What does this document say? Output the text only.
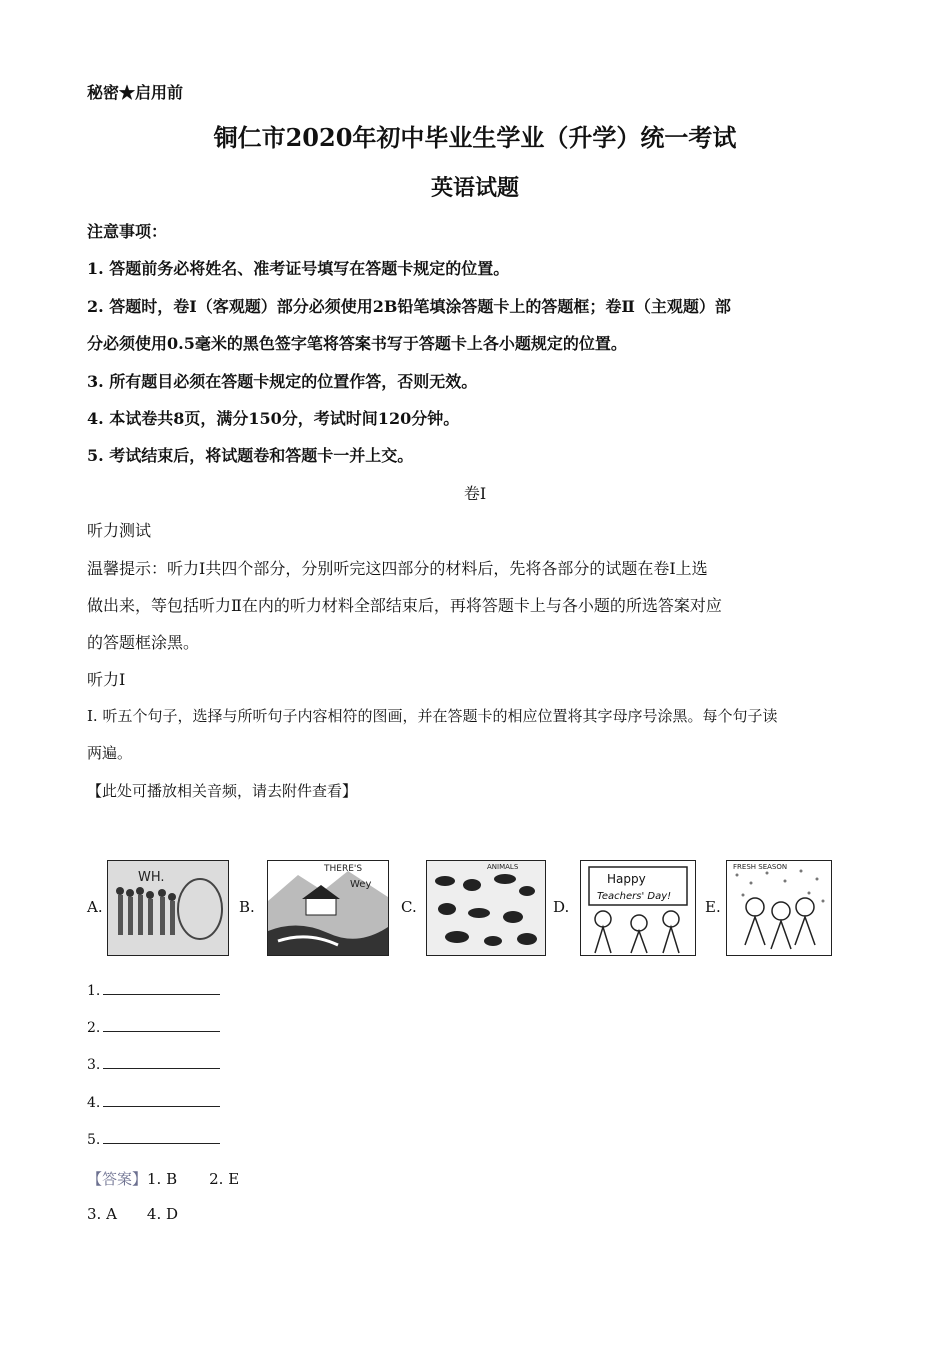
秘密★启用前
铜仁市2020年初中毕业生学业（升学）统一考试
英语试题
注意事项：
1. 答题前务必将姓名、准考证号填写在答题卡规定的位置。
2. 答题时，卷Ⅰ（客观题）部分必须使用2B铅笔填涂答题卡上的答题框；卷Ⅱ（主观题）部
分必须使用0.5毫米的黑色签字笔将答案书写于答题卡上各小题规定的位置。
3. 所有题目必须在答题卡规定的位置作答，否则无效。
4. 本试卷共8页，满分150分，考试时间120分钟。
5. 考试结束后，将试题卷和答题卡一并上交。
卷Ⅰ
听力测试
温馨提示：听力Ⅰ共四个部分，分别听完这四部分的材料后，先将各部分的试题在卷Ⅰ上选
做出来，等包括听力Ⅱ在内的听力材料全部结束后，再将答题卡上与各小题的所选答案对应
的答题框涂黑。
听力Ⅰ
Ⅰ. 听五个句子，选择与所听句子内容相符的图画，并在答题卡的相应位置将其字母序号涂黑。每个句子读
两遍。
【此处可播放相关音频，请去附件查看】
A.
WH.
B.
THERE'S
Wey
C.
ANIMALS
D.
Happy
Teachers' Day!
E.
FRESH SEASON
1.
2.
3.
4.
5.
【答案】1. B 2. E
3. A 4. D
